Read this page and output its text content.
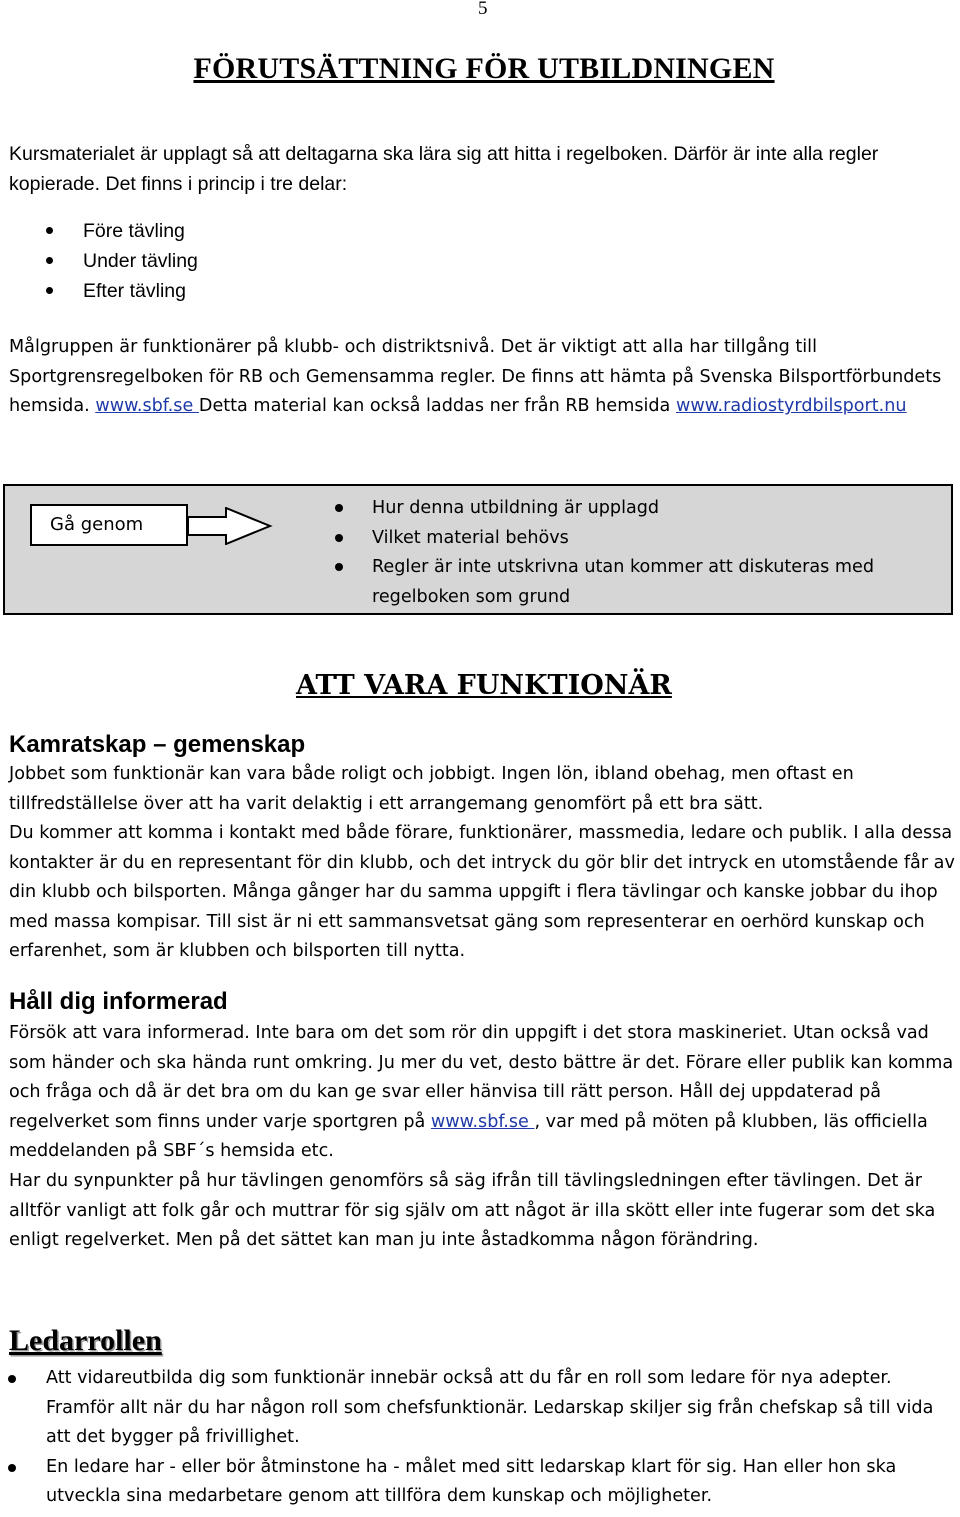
5
FÖRUTSÄTTNING FÖR UTBILDNINGEN
Kursmaterialet är upplagt så att deltagarna ska lära sig att hitta i regelboken. Därför är inte alla regler kopierade. Det finns i princip i tre delar:
Före tävling
Under tävling
Efter tävling
Målgruppen är funktionärer på klubb- och distriktsnivå. Det är viktigt att alla har tillgång till Sportgrensregelboken för RB och Gemensamma regler. De finns att hämta på Svenska Bilsportförbundets hemsida. www.sbf.se Detta material kan också laddas ner från RB hemsida www.radiostyrdbilsport.nu
Gå genom
Hur denna utbildning är upplagd
Vilket material behövs
Regler är inte utskrivna utan kommer att diskuteras med regelboken som grund
ATT VARA FUNKTIONÄR
Kamratskap – gemenskap
Jobbet som funktionär kan vara både roligt och jobbigt. Ingen lön, ibland obehag, men oftast en tillfredställelse över att ha varit delaktig i ett arrangemang genomfört på ett bra sätt.
Du kommer att komma i kontakt med både förare, funktionärer, massmedia, ledare och publik. I alla dessa kontakter är du en representant för din klubb, och det intryck du gör blir det intryck en utomstående får av din klubb och bilsporten. Många gånger har du samma uppgift i flera tävlingar och kanske jobbar du ihop med massa kompisar. Till sist är ni ett sammansvetsat gäng som representerar en oerhörd kunskap och erfarenhet, som är klubben och bilsporten till nytta.
Håll dig informerad
Försök att vara informerad. Inte bara om det som rör din uppgift i det stora maskineriet. Utan också vad som händer och ska hända runt omkring. Ju mer du vet, desto bättre är det. Förare eller publik kan komma och fråga och då är det bra om du kan ge svar eller hänvisa till rätt person. Håll dej uppdaterad på regelverket som finns under varje sportgren på www.sbf.se , var med på möten på klubben, läs officiella meddelanden på SBF´s hemsida etc.
Har du synpunkter på hur tävlingen genomförs så säg ifrån till tävlingsledningen efter tävlingen. Det är alltför vanligt att folk går och muttrar för sig själv om att något är illa skött eller inte fugerar som det ska enligt regelverket. Men på det sättet kan man ju inte åstadkomma någon förändring.
Ledarrollen
Att vidareutbilda dig som funktionär innebär också att du får en roll som ledare för nya adepter. Framför allt när du har någon roll som chefsfunktionär. Ledarskap skiljer sig från chefskap så till vida att det bygger på frivillighet.
En ledare har - eller bör åtminstone ha - målet med sitt ledarskap klart för sig. Han eller hon ska utveckla sina medarbetare genom att tillföra dem kunskap och möjligheter.
